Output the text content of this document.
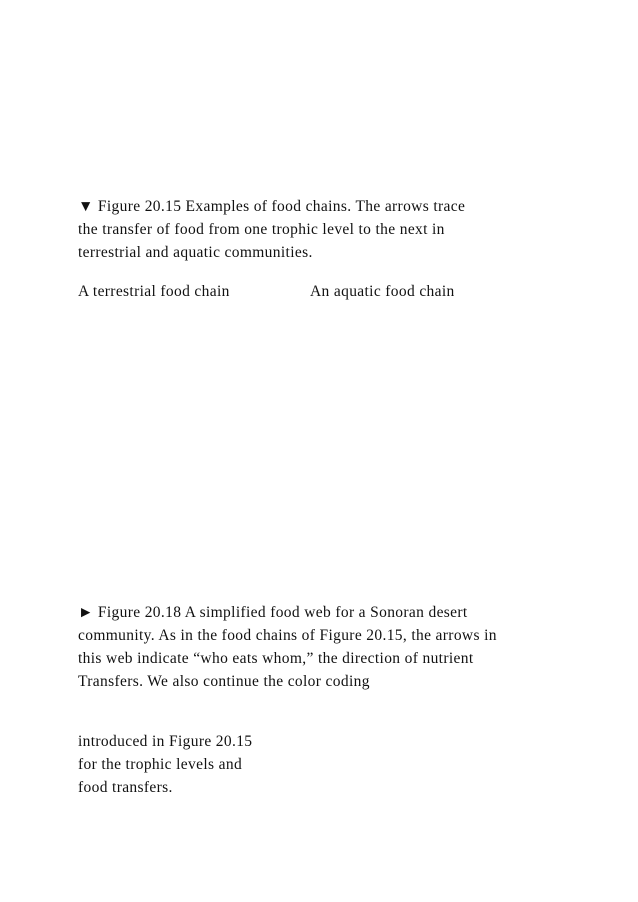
▼ Figure 20.15 Examples of food chains. The arrows trace
the transfer of food from one trophic level to the next in
terrestrial and aquatic communities.
A terrestrial food chain	An aquatic food chain
► Figure 20.18 A simplified food web for a Sonoran desert
community. As in the food chains of Figure 20.15, the arrows in
this web indicate “who eats whom,” the direction of nutrient
Transfers. We also continue the color coding
introduced in Figure 20.15
for the trophic levels and
food transfers.
